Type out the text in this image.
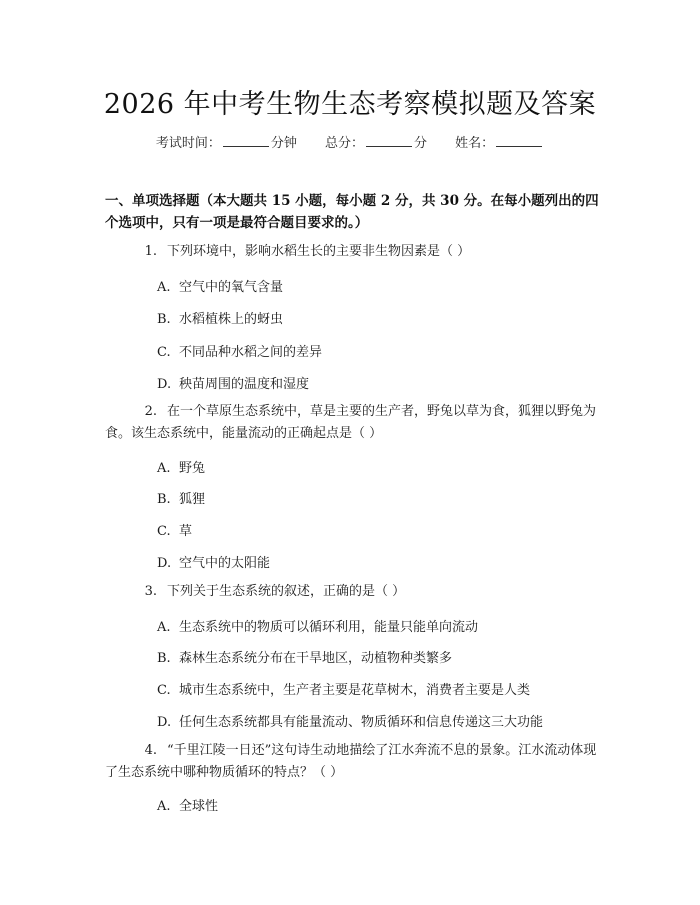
2026 年中考生物生态考察模拟题及答案
考试时间：	分钟 总分：	分 姓名：
一、单项选择题（本大题共 15 小题，每小题 2 分，共 30 分。在每小题列出的四个选项中，只有一项是最符合题目要求的。）
1. 下列环境中，影响水稻生长的主要非生物因素是（ ）
A. 空气中的氧气含量
B. 水稻植株上的蚜虫
C. 不同品种水稻之间的差异
D. 秧苗周围的温度和湿度
2. 在一个草原生态系统中，草是主要的生产者，野兔以草为食，狐狸以野兔为食。该生态系统中，能量流动的正确起点是（ ）
A. 野兔
B. 狐狸
C. 草
D. 空气中的太阳能
3. 下列关于生态系统的叙述，正确的是（ ）
A. 生态系统中的物质可以循环利用，能量只能单向流动
B. 森林生态系统分布在干旱地区，动植物种类繁多
C. 城市生态系统中，生产者主要是花草树木，消费者主要是人类
D. 任何生态系统都具有能量流动、物质循环和信息传递这三大功能
4. “千里江陵一日还”这句诗生动地描绘了江水奔流不息的景象。江水流动体现了生态系统中哪种物质循环的特点？（ ）
A. 全球性
